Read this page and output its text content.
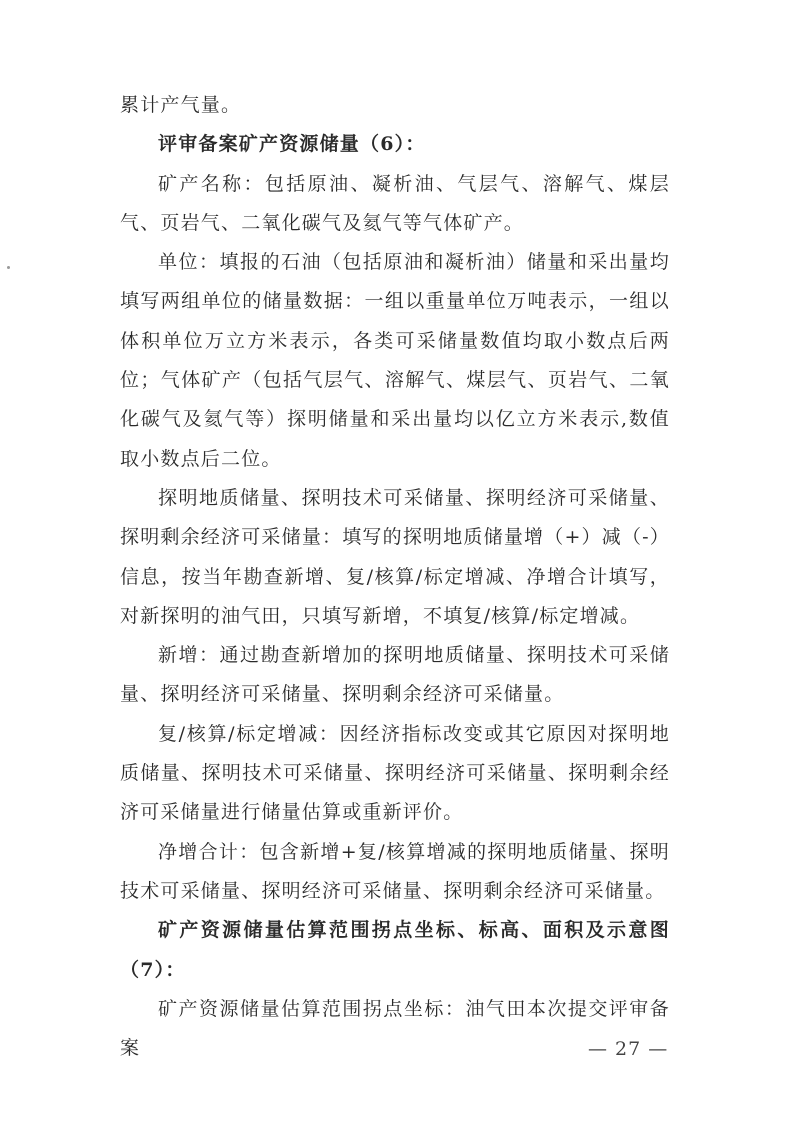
累计产气量。

评审备案矿产资源储量（6）：

矿产名称：包括原油、凝析油、气层气、溶解气、煤层气、页岩气、二氧化碳气及氦气等气体矿产。

单位：填报的石油（包括原油和凝析油）储量和采出量均填写两组单位的储量数据：一组以重量单位万吨表示，一组以体积单位万立方米表示，各类可采储量数值均取小数点后两位；气体矿产（包括气层气、溶解气、煤层气、页岩气、二氧化碳气及氦气等）探明储量和采出量均以亿立方米表示,数值取小数点后二位。

探明地质储量、探明技术可采储量、探明经济可采储量、探明剩余经济可采储量：填写的探明地质储量增（+）减（-）信息，按当年勘查新增、复/核算/标定增减、净增合计填写，对新探明的油气田，只填写新增，不填复/核算/标定增减。

新增：通过勘查新增加的探明地质储量、探明技术可采储量、探明经济可采储量、探明剩余经济可采储量。

复/核算/标定增减：因经济指标改变或其它原因对探明地质储量、探明技术可采储量、探明经济可采储量、探明剩余经济可采储量进行储量估算或重新评价。

净增合计：包含新增+复/核算增减的探明地质储量、探明技术可采储量、探明经济可采储量、探明剩余经济可采储量。

矿产资源储量估算范围拐点坐标、标高、面积及示意图（7）：

矿产资源储量估算范围拐点坐标：油气田本次提交评审备案	— 27 —
